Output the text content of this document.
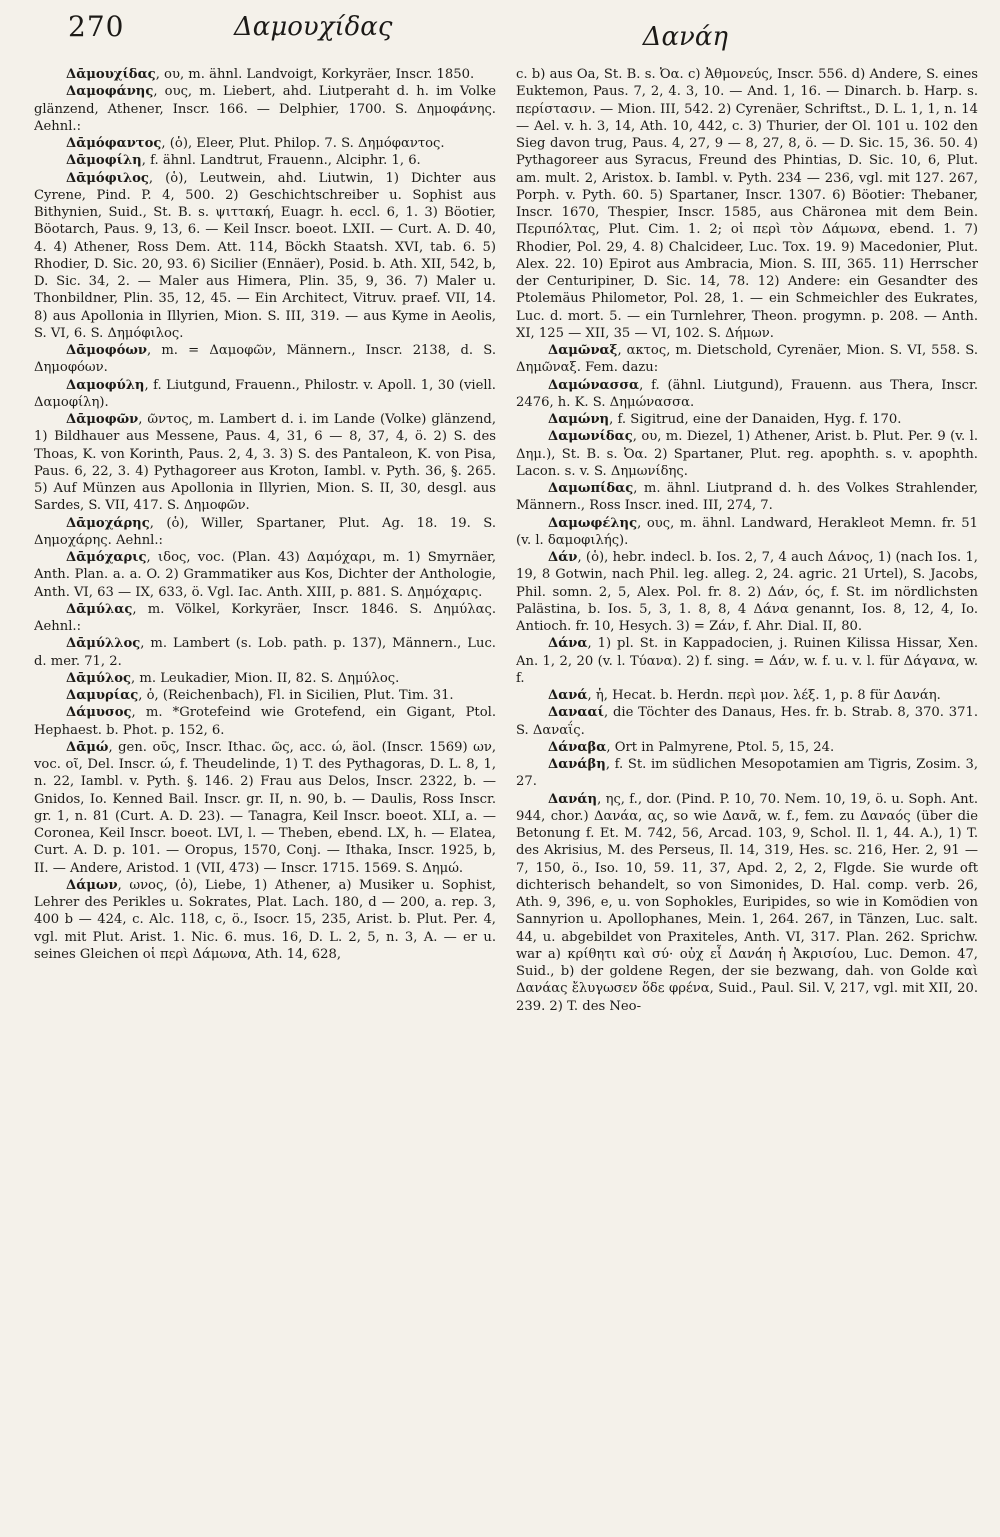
270	Δαμουχίδας	Δανάη

Δᾱμουχίδας, ου, m. ähnl. Landvoigt, Korkyräer, Inscr. 1850.

Δαμοφάνης, ους, m. Liebert, ahd. Liutperaht d. h. im Volke glänzend, Athener, Inscr. 166. — Delphier, 1700. S. Δημοφάνης. Aehnl.:

Δᾱμόφαντος, (ὁ), Eleer, Plut. Philop. 7. S. Δημόφαντος.

Δᾱμοφίλη, f. ähnl. Landtrut, Frauenn., Alciphr. 1, 6.

Δᾱμόφιλος, (ὁ), Leutwein, ahd. Liutwin, 1) Dichter aus Cyrene, Pind. P. 4, 500. 2) Geschichtschreiber u. Sophist aus Bithynien, Suid., St. B. s. ψιττακή, Euagr. h. eccl. 6, 1. 3) Böotier, Böotarch, Paus. 9, 13, 6. — Keil Inscr. boeot. LXII. — Curt. A. D. 40, 4. 4) Athener, Ross Dem. Att. 114, Böckh Staatsh. XVI, tab. 6. 5) Rhodier, D. Sic. 20, 93. 6) Sicilier (Ennäer), Posid. b. Ath. XII, 542, b, D. Sic. 34, 2. — Maler aus Himera, Plin. 35, 9, 36. 7) Maler u. Thonbildner, Plin. 35, 12, 45. — Ein Architect, Vitruv. praef. VII, 14. 8) aus Apollonia in Illyrien, Mion. S. III, 319. — aus Kyme in Aeolis, S. VI, 6. S. Δημόφιλος.

Δᾱμοφόων, m. = Δαμοφῶν, Männern., Inscr. 2138, d. S. Δημοφόων.

Δαμοφύλη, f. Liutgund, Frauenn., Philostr. v. Apoll. 1, 30 (viell. Δαμοφίλη).

Δᾱμοφῶν, ῶντος, m. Lambert d. i. im Lande (Volke) glänzend, 1) Bildhauer aus Messene, Paus. 4, 31, 6 — 8, 37, 4, ö. 2) S. des Thoas, K. von Korinth, Paus. 2, 4, 3. 3) S. des Pantaleon, K. von Pisa, Paus. 6, 22, 3. 4) Pythagoreer aus Kroton, Iambl. v. Pyth. 36, §. 265. 5) Auf Münzen aus Apollonia in Illyrien, Mion. S. II, 30, desgl. aus Sardes, S. VII, 417. S. Δημοφῶν.

Δᾱμοχάρης, (ὁ), Willer, Spartaner, Plut. Ag. 18. 19. S. Δημοχάρης. Aehnl.:

Δᾱμόχαρις, ιδος, voc. (Plan. 43) Δαμόχαρι, m. 1) Smyrnäer, Anth. Plan. a. a. O. 2) Grammatiker aus Kos, Dichter der Anthologie, Anth. VI, 63 — IX, 633, ö. Vgl. Iac. Anth. XIII, p. 881. S. Δημόχαρις.

Δᾱμύλας, m. Völkel, Korkyräer, Inscr. 1846. S. Δημύλας. Aehnl.:

Δᾱμύλλος, m. Lambert (s. Lob. path. p. 137), Männern., Luc. d. mer. 71, 2.

Δᾱμύλος, m. Leukadier, Mion. II, 82. S. Δημύλος.

Δαμυρίας, ὁ, (Reichenbach), Fl. in Sicilien, Plut. Tim. 31.

Δάμυσος, m. *Grotefeind wie Grotefend, ein Gigant, Ptol. Hephaest. b. Phot. p. 152, 6.

Δᾱμώ, gen. οῦς, Inscr. Ithac. ῶς, acc. ώ, äol. (Inscr. 1569) ων, voc. οῖ, Del. Inscr. ώ, f. Theudelinde, 1) T. des Pythagoras, D. L. 8, 1, n. 22, Iambl. v. Pyth. §. 146. 2) Frau aus Delos, Inscr. 2322, b. — Gnidos, Io. Kenned Bail. Inscr. gr. II, n. 90, b. — Daulis, Ross Inscr. gr. 1, n. 81 (Curt. A. D. 23). — Tanagra, Keil Inscr. boeot. XLI, a. — Coronea, Keil Inscr. boeot. LVI, l. — Theben, ebend. LX, h. — Elatea, Curt. A. D. p. 101. — Oropus, 1570, Conj. — Ithaka, Inscr. 1925, b, II. — Andere, Aristod. 1 (VII, 473) — Inscr. 1715. 1569. S. Δημώ.

Δάμων, ωνος, (ὁ), Liebe, 1) Athener, a) Musiker u. Sophist, Lehrer des Perikles u. Sokrates, Plat. Lach. 180, d — 200, a. rep. 3, 400 b — 424, c. Alc. 118, c, ö., Isocr. 15, 235, Arist. b. Plut. Per. 4, vgl. mit Plut. Arist. 1. Nic. 6. mus. 16, D. L. 2, 5, n. 3, A. — er u. seines Gleichen οἱ περὶ Δάμωνα, Ath. 14, 628,

c. b) aus Oa, St. B. s. Ὀα. c) Ἀθμονεύς, Inscr. 556. d) Andere, S. eines Euktemon, Paus. 7, 2, 4. 3, 10. — And. 1, 16. — Dinarch. b. Harp. s. περίστασιν. — Mion. III, 542. 2) Cyrenäer, Schriftst., D. L. 1, 1, n. 14 — Ael. v. h. 3, 14, Ath. 10, 442, c. 3) Thurier, der Ol. 101 u. 102 den Sieg davon trug, Paus. 4, 27, 9 — 8, 27, 8, ö. — D. Sic. 15, 36. 50. 4) Pythagoreer aus Syracus, Freund des Phintias, D. Sic. 10, 6, Plut. am. mult. 2, Aristox. b. Iambl. v. Pyth. 234 — 236, vgl. mit 127. 267, Porph. v. Pyth. 60. 5) Spartaner, Inscr. 1307. 6) Böotier: Thebaner, Inscr. 1670, Thespier, Inscr. 1585, aus Chäronea mit dem Bein. Περιπόλτας, Plut. Cim. 1. 2; οἱ περὶ τὸν Δάμωνα, ebend. 1. 7) Rhodier, Pol. 29, 4. 8) Chalcideer, Luc. Tox. 19. 9) Macedonier, Plut. Alex. 22. 10) Epirot aus Ambracia, Mion. S. III, 365. 11) Herrscher der Centuripiner, D. Sic. 14, 78. 12) Andere: ein Gesandter des Ptolemäus Philometor, Pol. 28, 1. — ein Schmeichler des Eukrates, Luc. d. mort. 5. — ein Turnlehrer, Theon. progymn. p. 208. — Anth. XI, 125 — XII, 35 — VI, 102. S. Δήμων.

Δαμῶναξ, ακτος, m. Dietschold, Cyrenäer, Mion. S. VI, 558. S. Δημῶναξ. Fem. dazu:

Δαμώνασσα, f. (ähnl. Liutgund), Frauenn. aus Thera, Inscr. 2476, h. K. S. Δημώνασσα.

Δαμώνη, f. Sigitrud, eine der Danaiden, Hyg. f. 170.

Δαμωνίδας, ου, m. Diezel, 1) Athener, Arist. b. Plut. Per. 9 (v. l. Δημ.), St. B. s. Ὀα. 2) Spartaner, Plut. reg. apophth. s. v. apophth. Lacon. s. v. S. Δημωνίδης.

Δαμωπίδας, m. ähnl. Liutprand d. h. des Volkes Strahlender, Männern., Ross Inscr. ined. III, 274, 7.

Δαμωφέλης, ους, m. ähnl. Landward, Herakleot Memn. fr. 51 (v. l. δαμοφιλής).

Δάν, (ὁ), hebr. indecl. b. Ios. 2, 7, 4 auch Δάνος, 1) (nach Ios. 1, 19, 8 Gotwin, nach Phil. leg. alleg. 2, 24. agric. 21 Urtel), S. Jacobs, Phil. somn. 2, 5, Alex. Pol. fr. 8. 2) Δάν, ός, f. St. im nördlichsten Palästina, b. Ios. 5, 3, 1. 8, 8, 4 Δάνα genannt, Ios. 8, 12, 4, Io. Antioch. fr. 10, Hesych. 3) = Ζάν, f. Ahr. Dial. II, 80.

Δάνα, 1) pl. St. in Kappadocien, j. Ruinen Kilissa Hissar, Xen. An. 1, 2, 20 (v. l. Τύανα). 2) f. sing. = Δάν, w. f. u. v. l. für Δάγανα, w. f.

Δανά, ἡ, Hecat. b. Herdn. περὶ μον. λέξ. 1, p. 8 für Δανάη.

Δανααί, die Töchter des Danaus, Hes. fr. b. Strab. 8, 370. 371. S. Δαναΐς.

Δάναβα, Ort in Palmyrene, Ptol. 5, 15, 24.

Δανάβη, f. St. im südlichen Mesopotamien am Tigris, Zosim. 3, 27.

Δανάη, ης, f., dor. (Pind. P. 10, 70. Nem. 10, 19, ö. u. Soph. Ant. 944, chor.) Δανάα, ας, so wie Δανᾶ, w. f., fem. zu Δαναός (über die Betonung f. Et. M. 742, 56, Arcad. 103, 9, Schol. Il. 1, 44. A.), 1) T. des Akrisius, M. des Perseus, Il. 14, 319, Hes. sc. 216, Her. 2, 91 — 7, 150, ö., Iso. 10, 59. 11, 37, Apd. 2, 2, 2, Flgde. Sie wurde oft dichterisch behandelt, so von Simonides, D. Hal. comp. verb. 26, Ath. 9, 396, e, u. von Sophokles, Euripides, so wie in Komödien von Sannyrion u. Apollophanes, Mein. 1, 264. 267, in Tänzen, Luc. salt. 44, u. abgebildet von Praxiteles, Anth. VI, 317. Plan. 262. Sprichw. war a) κρίθητι καὶ σύ· οὐχ εἶ Δανάη ἡ Ἀκρισίου, Luc. Demon. 47, Suid., b) der goldene Regen, der sie bezwang, dah. von Golde καὶ Δανάας ἔλυγωσεν ὅδε φρένα, Suid., Paul. Sil. V, 217, vgl. mit XII, 20. 239. 2) T. des Neo-
